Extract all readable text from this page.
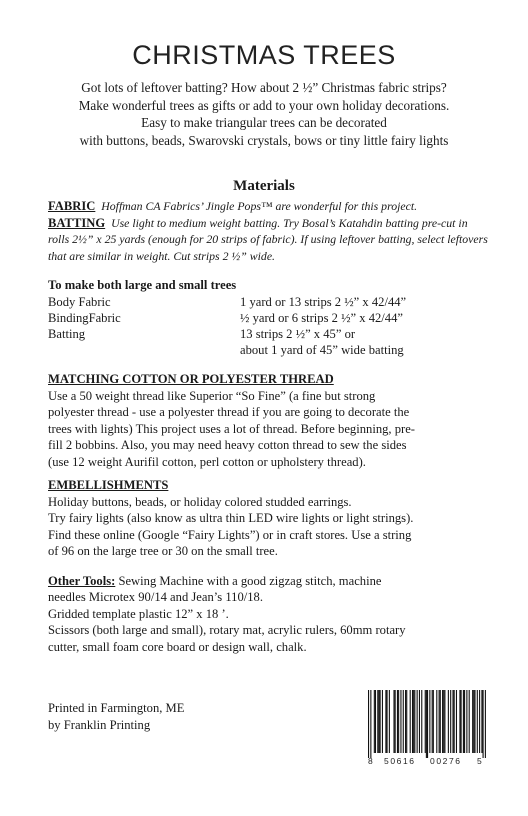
CHRISTMAS TREES
Got lots of leftover batting? How about 2 ½” Christmas fabric strips?
Make wonderful trees as gifts or add to your own holiday decorations.
Easy to make triangular trees can be decorated
with buttons, beads, Swarovski crystals, bows or tiny little fairy lights
Materials
FABRIC Hoffman CA Fabrics’ Jingle Pops™ are wonderful for this project.
BATTING Use light to medium weight batting. Try Bosal’s Katahdin batting pre-cut in rolls 2½” x 25 yards (enough for 20 strips of fabric). If using leftover batting, select leftovers that are similar in weight. Cut strips 2 ½” wide.
To make both large and small trees
Body Fabric	1 yard or 13 strips 2 ½” x 42/44”
BindingFabric	½ yard or 6 strips 2 ½” x 42/44”
Batting	13 strips 2 ½” x 45” or
about 1 yard of 45” wide batting
MATCHING COTTON OR POLYESTER THREAD
Use a 50 weight thread like Superior “So Fine” (a fine but strong
polyester thread - use a polyester thread if you are going to decorate the
trees with lights) This project uses a lot of thread. Before beginning, pre-
fill 2 bobbins. Also, you may need heavy cotton thread to sew the sides
(use 12 weight Aurifil cotton, perl cotton or upholstery thread).
EMBELLISHMENTS
Holiday buttons, beads, or holiday colored studded earrings.
Try fairy lights (also know as ultra thin LED wire lights or light strings).
Find these online (Google “Fairy Lights”) or in craft stores. Use a string
of 96 on the large tree or 30 on the small tree.
Other Tools: Sewing Machine with a good zigzag stitch, machine
needles Microtex 90/14 and Jean’s 110/18.
Gridded template plastic 12” x 18 ’.
Scissors (both large and small), rotary mat, acrylic rulers, 60mm rotary
cutter, small foam core board or design wall, chalk.
Printed in Farmington, ME
by Franklin Printing
8 50616 00276 5
